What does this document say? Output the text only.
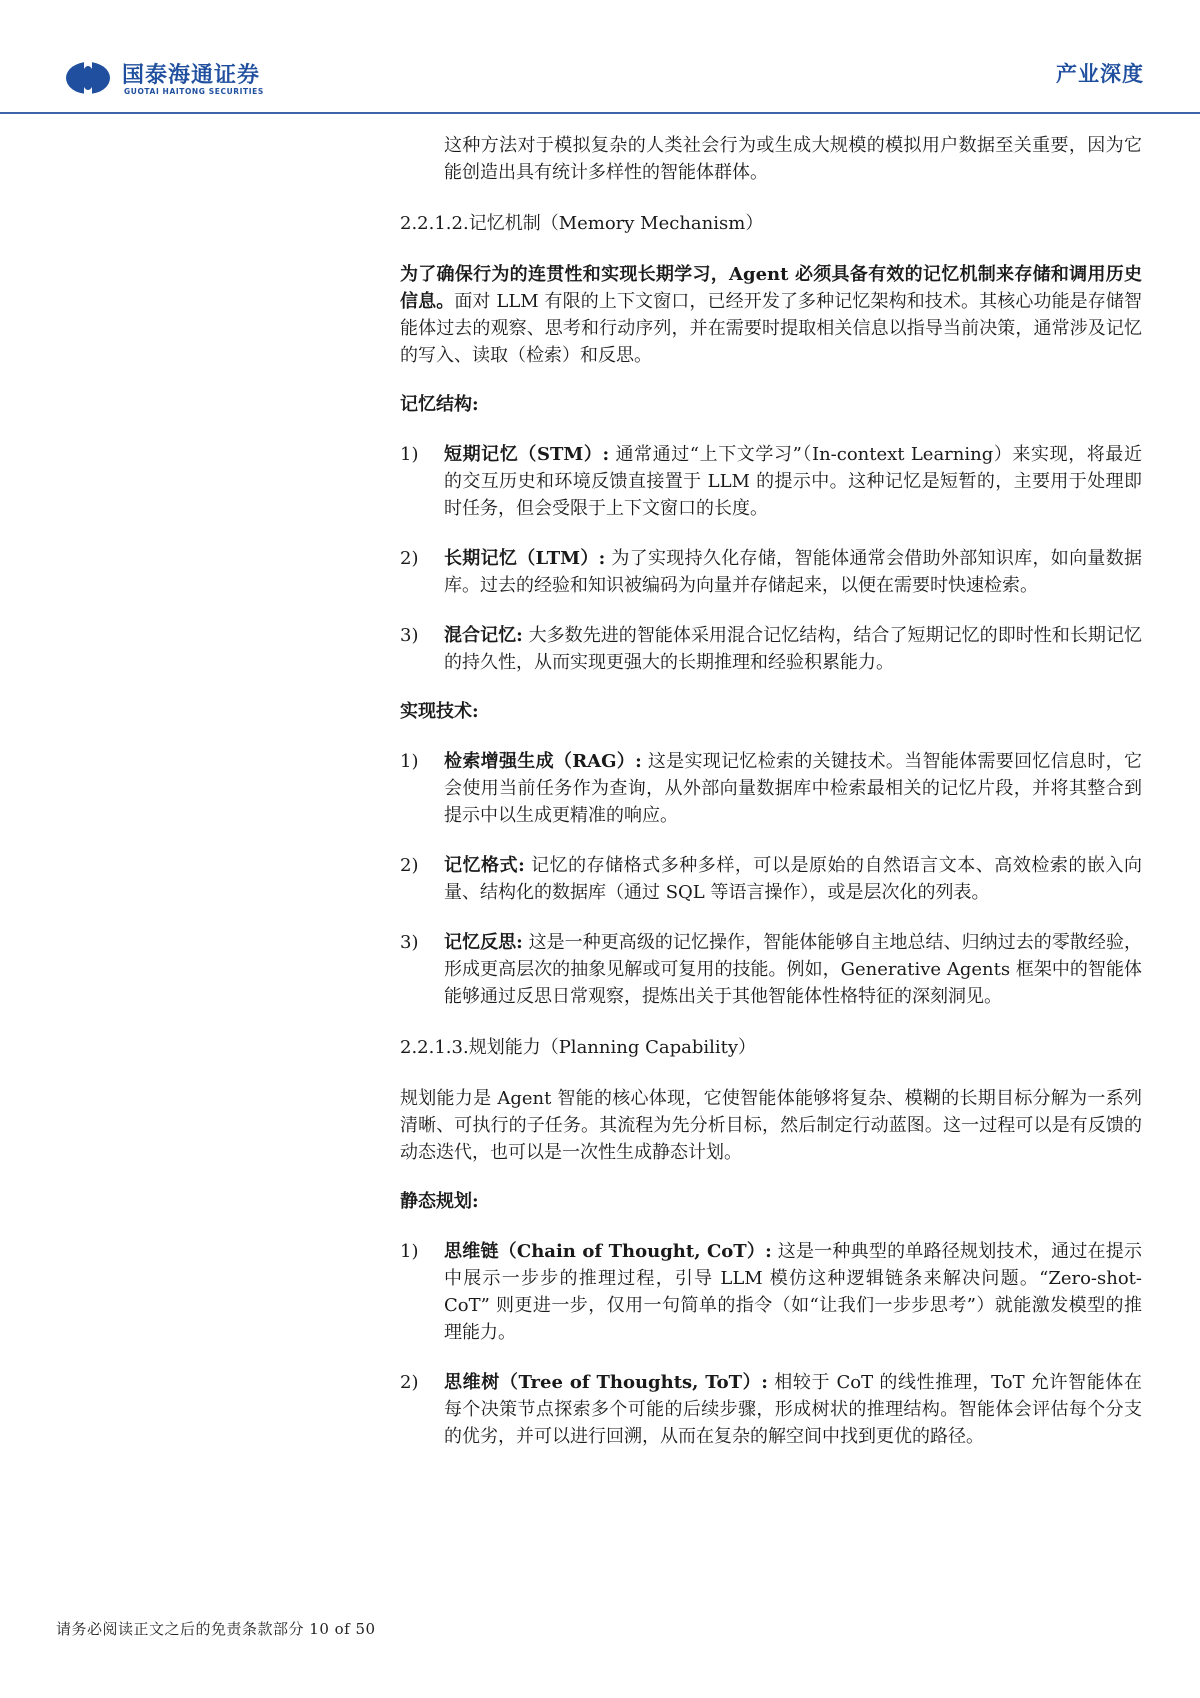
国泰海通证券
GUOTAI HAITONG SECURITIES
产业深度

这种方法对于模拟复杂的人类社会行为或生成大规模的模拟用户数据至关重要，因为它能创造出具有统计多样性的智能体群体。

2.2.1.2.记忆机制（Memory Mechanism）

为了确保行为的连贯性和实现长期学习，Agent 必须具备有效的记忆机制来存储和调用历史信息。面对 LLM 有限的上下文窗口，已经开发了多种记忆架构和技术。其核心功能是存储智能体过去的观察、思考和行动序列，并在需要时提取相关信息以指导当前决策，通常涉及记忆的写入、读取（检索）和反思。

记忆结构:

1)	短期记忆（STM）: 通常通过“上下文学习”（In-context Learning）来实现，将最近的交互历史和环境反馈直接置于 LLM 的提示中。这种记忆是短暂的，主要用于处理即时任务，但会受限于上下文窗口的长度。
2)	长期记忆（LTM）: 为了实现持久化存储，智能体通常会借助外部知识库，如向量数据库。过去的经验和知识被编码为向量并存储起来，以便在需要时快速检索。
3)	混合记忆: 大多数先进的智能体采用混合记忆结构，结合了短期记忆的即时性和长期记忆的持久性，从而实现更强大的长期推理和经验积累能力。

实现技术:

1)	检索增强生成（RAG）: 这是实现记忆检索的关键技术。当智能体需要回忆信息时，它会使用当前任务作为查询，从外部向量数据库中检索最相关的记忆片段，并将其整合到提示中以生成更精准的响应。
2)	记忆格式: 记忆的存储格式多种多样，可以是原始的自然语言文本、高效检索的嵌入向量、结构化的数据库（通过 SQL 等语言操作），或是层次化的列表。
3)	记忆反思: 这是一种更高级的记忆操作，智能体能够自主地总结、归纳过去的零散经验，形成更高层次的抽象见解或可复用的技能。例如，Generative Agents 框架中的智能体能够通过反思日常观察，提炼出关于其他智能体性格特征的深刻洞见。

2.2.1.3.规划能力（Planning Capability）

规划能力是 Agent 智能的核心体现，它使智能体能够将复杂、模糊的长期目标分解为一系列清晰、可执行的子任务。其流程为先分析目标，然后制定行动蓝图。这一过程可以是有反馈的动态迭代，也可以是一次性生成静态计划。

静态规划:

1)	思维链（Chain of Thought, CoT）: 这是一种典型的单路径规划技术，通过在提示中展示一步步的推理过程，引导 LLM 模仿这种逻辑链条来解决问题。“Zero-shot-CoT” 则更进一步，仅用一句简单的指令（如“让我们一步步思考”）就能激发模型的推理能力。
2)	思维树（Tree of Thoughts, ToT）: 相较于 CoT 的线性推理，ToT 允许智能体在每个决策节点探索多个可能的后续步骤，形成树状的推理结构。智能体会评估每个分支的优劣，并可以进行回溯，从而在复杂的解空间中找到更优的路径。
请务必阅读正文之后的免责条款部分 10 of 50
